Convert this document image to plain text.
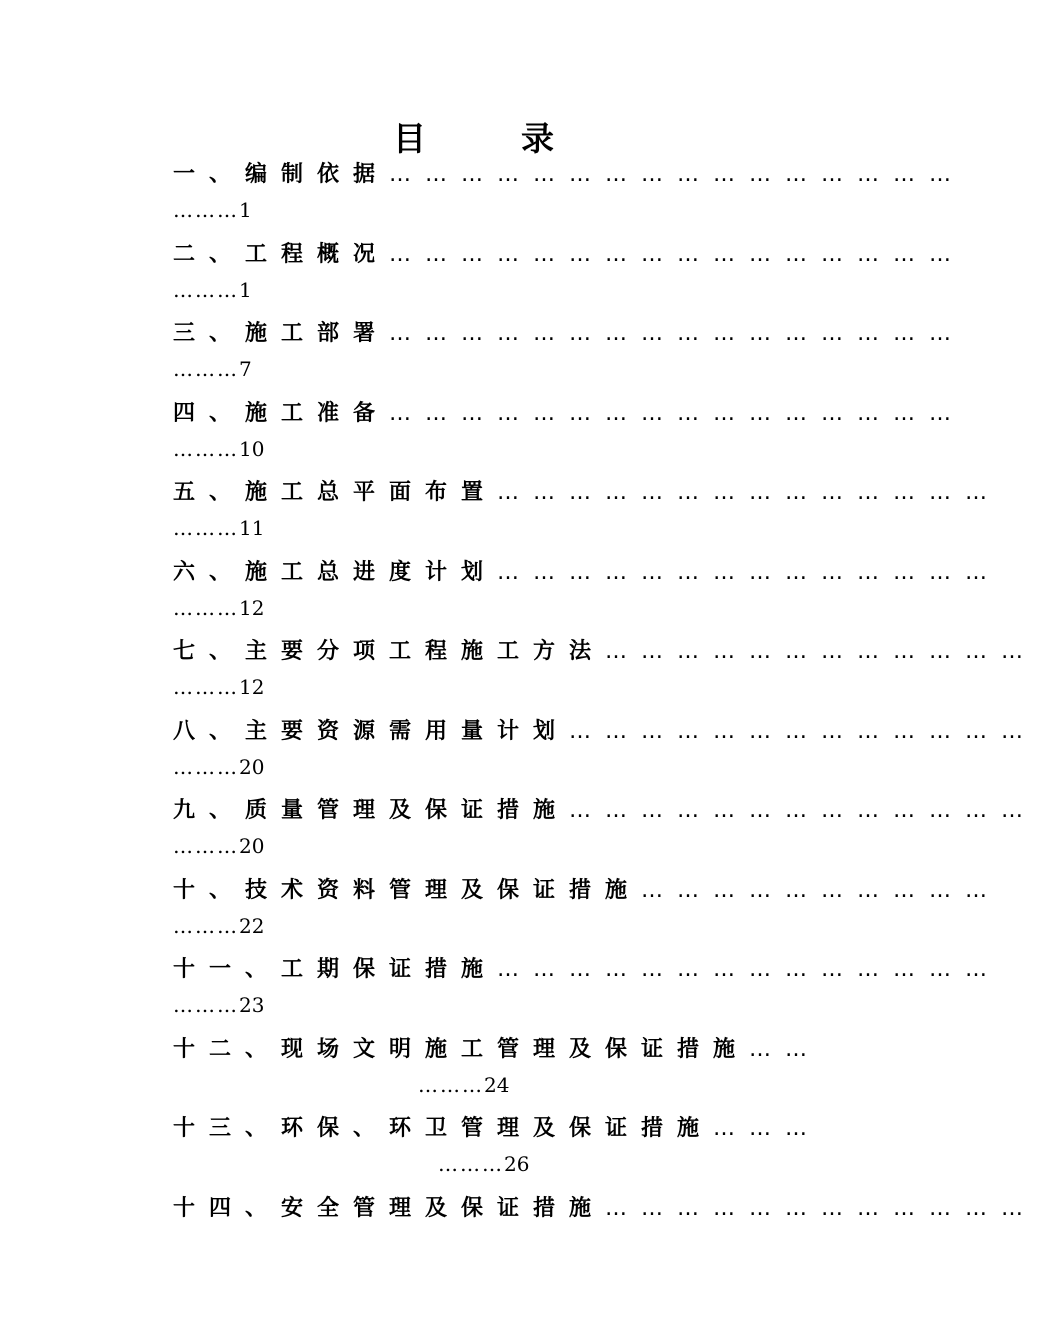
目	录
一、编制依据…………………………………………
………1
二、工程概况…………………………………………
………1
三、施工部署…………………………………………
………7
四、施工准备…………………………………………
………10
五、施工总平面布置……………………………………
………11
六、施工总进度计划……………………………………
………12
七、主要分项工程施工方法………………………………
………12
八、主要资源需用量计划…………………………………
………20
九、质量管理及保证措施…………………………………
………20
十、技术资料管理及保证措施…………………………
………22
十一、工期保证措施……………………………………
………23
十二、现场文明施工管理及保证措施……
………24
十三、环保、环卫管理及保证措施………
………26
十四、安全管理及保证措施………………………………
